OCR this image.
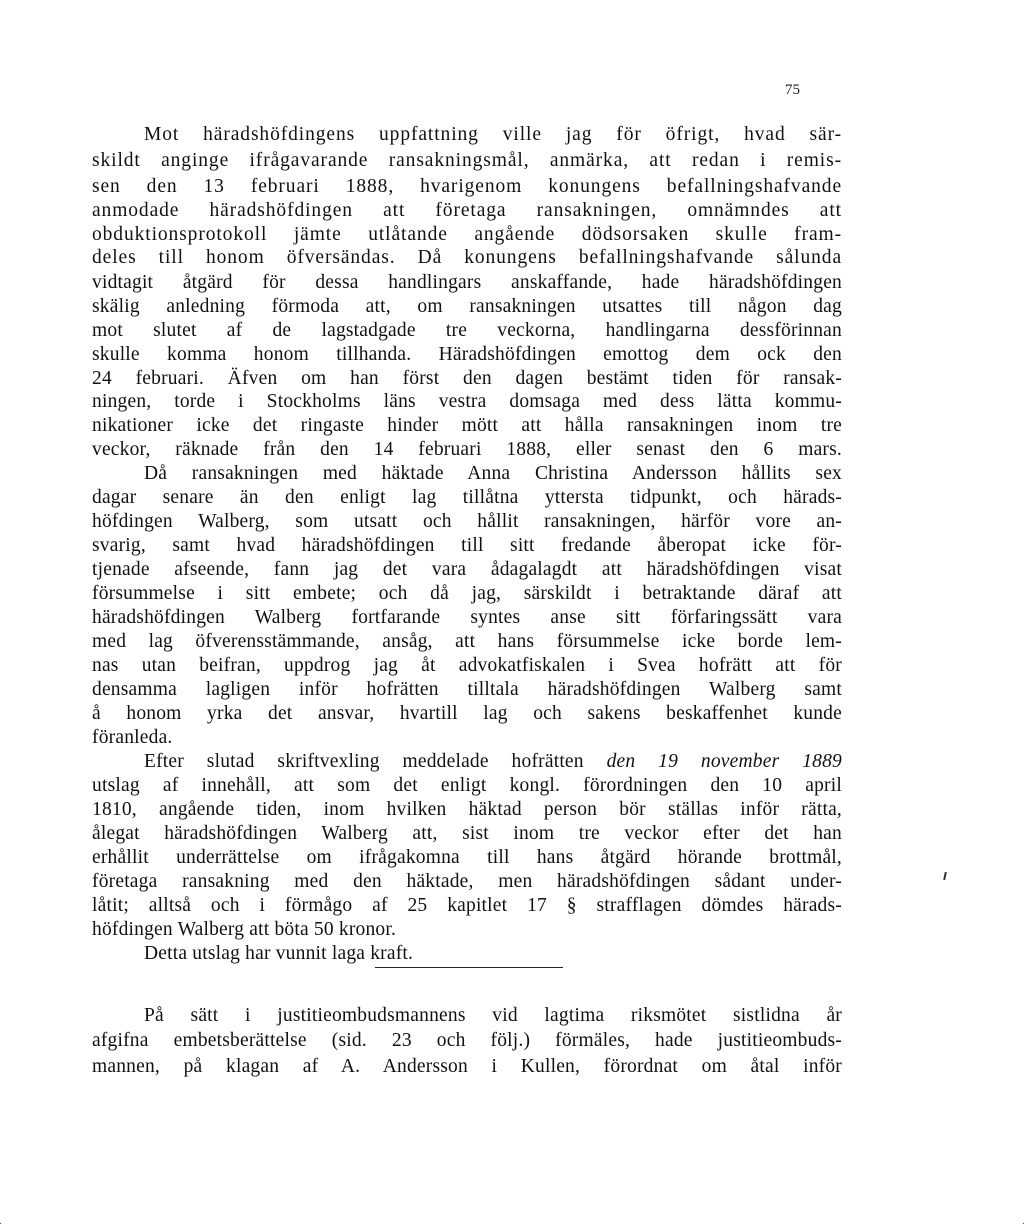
75
Mot häradshöfdingens uppfattning ville jag för öfrigt, hvad sär-
skildt anginge ifrågavarande ransakningsmål, anmärka, att redan i remis-
sen den 13 februari 1888, hvarigenom konungens befallningshafvande
anmodade häradshöfdingen att företaga ransakningen, omnämndes att
obduktionsprotokoll jämte utlåtande angående dödsorsaken skulle fram-
deles till honom öfversändas. Då konungens befallningshafvande sålunda
vidtagit åtgärd för dessa handlingars anskaffande, hade häradshöfdingen
skälig anledning förmoda att, om ransakningen utsattes till någon dag
mot slutet af de lagstadgade tre veckorna, handlingarna dessförinnan
skulle komma honom tillhanda. Häradshöfdingen emottog dem ock den
24 februari. Äfven om han först den dagen bestämt tiden för ransak-
ningen, torde i Stockholms läns vestra domsaga med dess lätta kommu-
nikationer icke det ringaste hinder mött att hålla ransakningen inom tre
veckor, räknade från den 14 februari 1888, eller senast den 6 mars.
Då ransakningen med häktade Anna Christina Andersson hållits sex
dagar senare än den enligt lag tillåtna yttersta tidpunkt, och härads-
höfdingen Walberg, som utsatt och hållit ransakningen, härför vore an-
svarig, samt hvad häradshöfdingen till sitt fredande åberopat icke för-
tjenade afseende, fann jag det vara ådagalagdt att häradshöfdingen visat
försummelse i sitt embete; och då jag, särskildt i betraktande däraf att
häradshöfdingen Walberg fortfarande syntes anse sitt förfaringssätt vara
med lag öfverensstämmande, ansåg, att hans försummelse icke borde lem-
nas utan beifran, uppdrog jag åt advokatfiskalen i Svea hofrätt att för
densamma lagligen inför hofrätten tilltala häradshöfdingen Walberg samt
å honom yrka det ansvar, hvartill lag och sakens beskaffenhet kunde
föranleda.
Efter slutad skriftvexling meddelade hofrätten den 19 november 1889
utslag af innehåll, att som det enligt kongl. förordningen den 10 april
1810, angående tiden, inom hvilken häktad person bör ställas inför rätta,
ålegat häradshöfdingen Walberg att, sist inom tre veckor efter det han
erhållit underrättelse om ifrågakomna till hans åtgärd hörande brottmål,
företaga ransakning med den häktade, men häradshöfdingen sådant under-
låtit; alltså och i förmågo af 25 kapitlet 17 § strafflagen dömdes härads-
höfdingen Walberg att böta 50 kronor.
Detta utslag har vunnit laga kraft.
På sätt i justitieombudsmannens vid lagtima riksmötet sistlidna år
afgifna embetsberättelse (sid. 23 och följ.) förmäles, hade justitieombuds-
mannen, på klagan af A. Andersson i Kullen, förordnat om åtal inför
